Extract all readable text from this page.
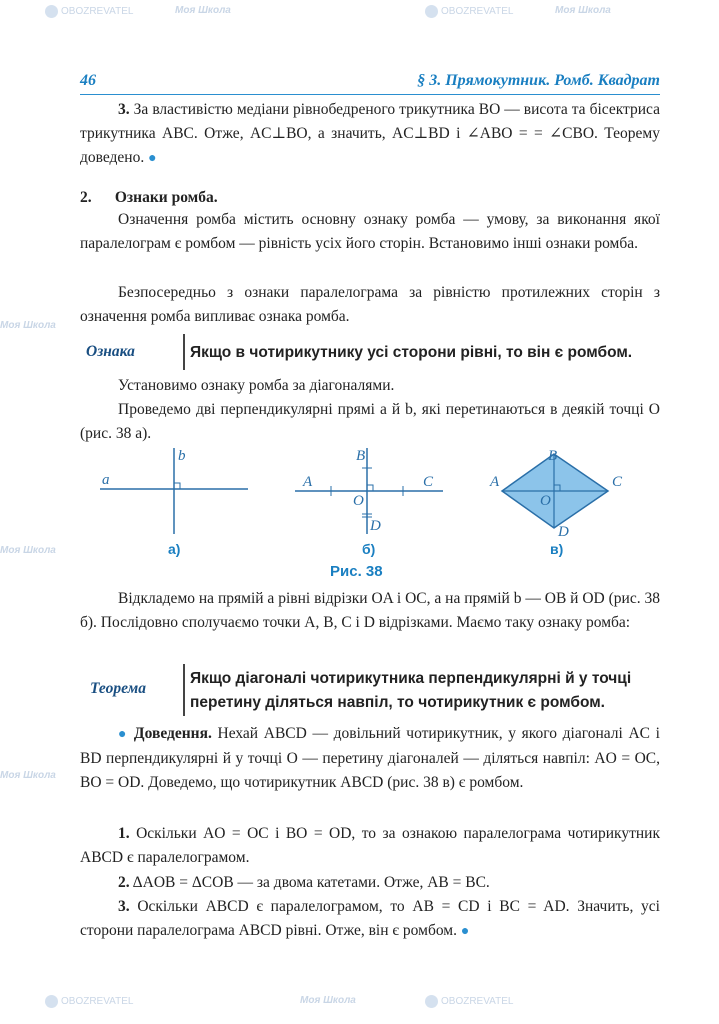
Моя Школа
OBOZREVATEL	OBOZREVATEL	Моя Школа
Моя Школа
Моя Школа
Моя Школа
OBOZREVATEL	Моя Школа	OBOZREVATEL
46	§ 3. Прямокутник. Ромб. Квадрат

3. За властивістю медіани рівнобедреного трикутника BO — висота та бісектриса трикутника ABC. Отже, AC⊥BO, а значить, AC⊥BD і ∠ABO = = ∠CBO. Теорему доведено. ●

2. Ознаки ромба.

Означення ромба містить основну ознаку ромба — умову, за виконання якої паралелограм є ромбом — рівність усіх його сторін. Встановимо інші ознаки ромба.

Безпосередньо з ознаки паралелограма за рівністю протилежних сторін з означення ромба випливає ознака ромба.

Ознака	Якщо в чотирикутнику усі сторони рівні, то він є ромбом.

Установимо ознаку ромба за діагоналями.

Проведемо дві перпендикулярні прямі a й b, які перетинаються в деякій точці O (рис. 38 а).

a
b
A
B
C
D
O
A
B
C
D
O
а)	б)	в)
Рис. 38

Відкладемо на прямій a рівні відрізки OA і OC, а на прямій b — OB й OD (рис. 38 б). Послідовно сполучаємо точки A, B, C і D відрізками. Маємо таку ознаку ромба:

Теорема
Якщо діагоналі чотирикутника перпендикулярні й у точці
перетину діляться навпіл, то чотирикутник є ромбом.

● Доведення. Нехай ABCD — довільний чотирикутник, у якого діагоналі AC і BD перпендикулярні й у точці O — перетину діагоналей — діляться навпіл: AO = OC, BO = OD. Доведемо, що чотирикутник ABCD (рис. 38 в) є ромбом.

1. Оскільки AO = OC і BO = OD, то за ознакою паралелограма чотирикутник ABCD є паралелограмом.

2. ΔAOB = ΔCOB — за двома катетами. Отже, AB = BC.

3. Оскільки ABCD є паралелограмом, то AB = CD і BC = AD. Значить, усі сторони паралелограма ABCD рівні. Отже, він є ромбом. ●
